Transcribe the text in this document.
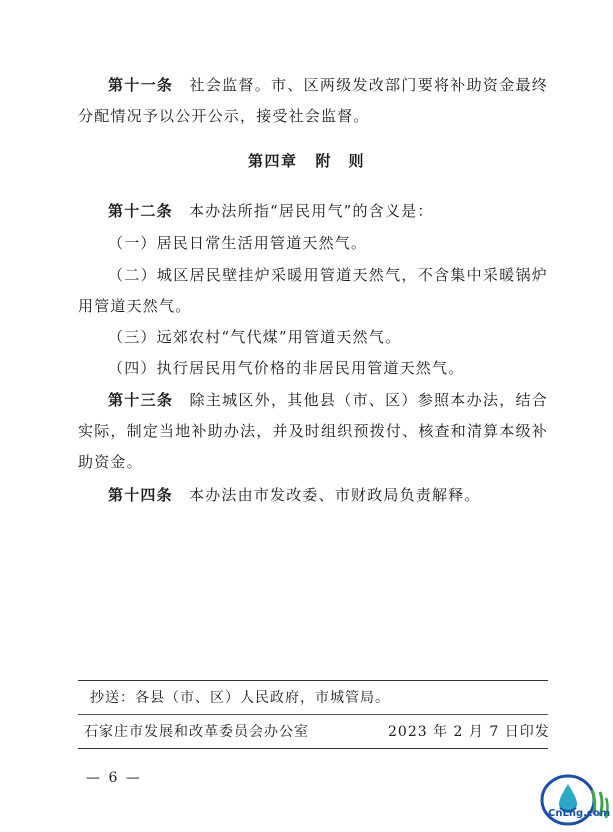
第十一条　 社会监督。市、区两级发改部门要将补助资金最终分配情况予以公开公示，接受社会监督。

第四章 附　则

第十二条　 本办法所指“居民用气”的含义是：

（一）居民日常生活用管道天然气。

（二）城区居民壁挂炉采暖用管道天然气，不含集中采暖锅炉用管道天然气。

（三）远郊农村“气代煤”用管道天然气。

（四）执行居民用气价格的非居民用管道天然气。

第十三条　 除主城区外，其他县（市、区）参照本办法，结合实际，制定当地补助办法，并及时组织预拨付、核查和清算本级补助资金。

第十四条　 本办法由市发改委、市财政局负责解释。

抄送：各县（市、区）人民政府，市城管局。
石家庄市发展和改革委员会办公室	2023 年 2 月 7 日印发
— 6 —
CnLng.com
